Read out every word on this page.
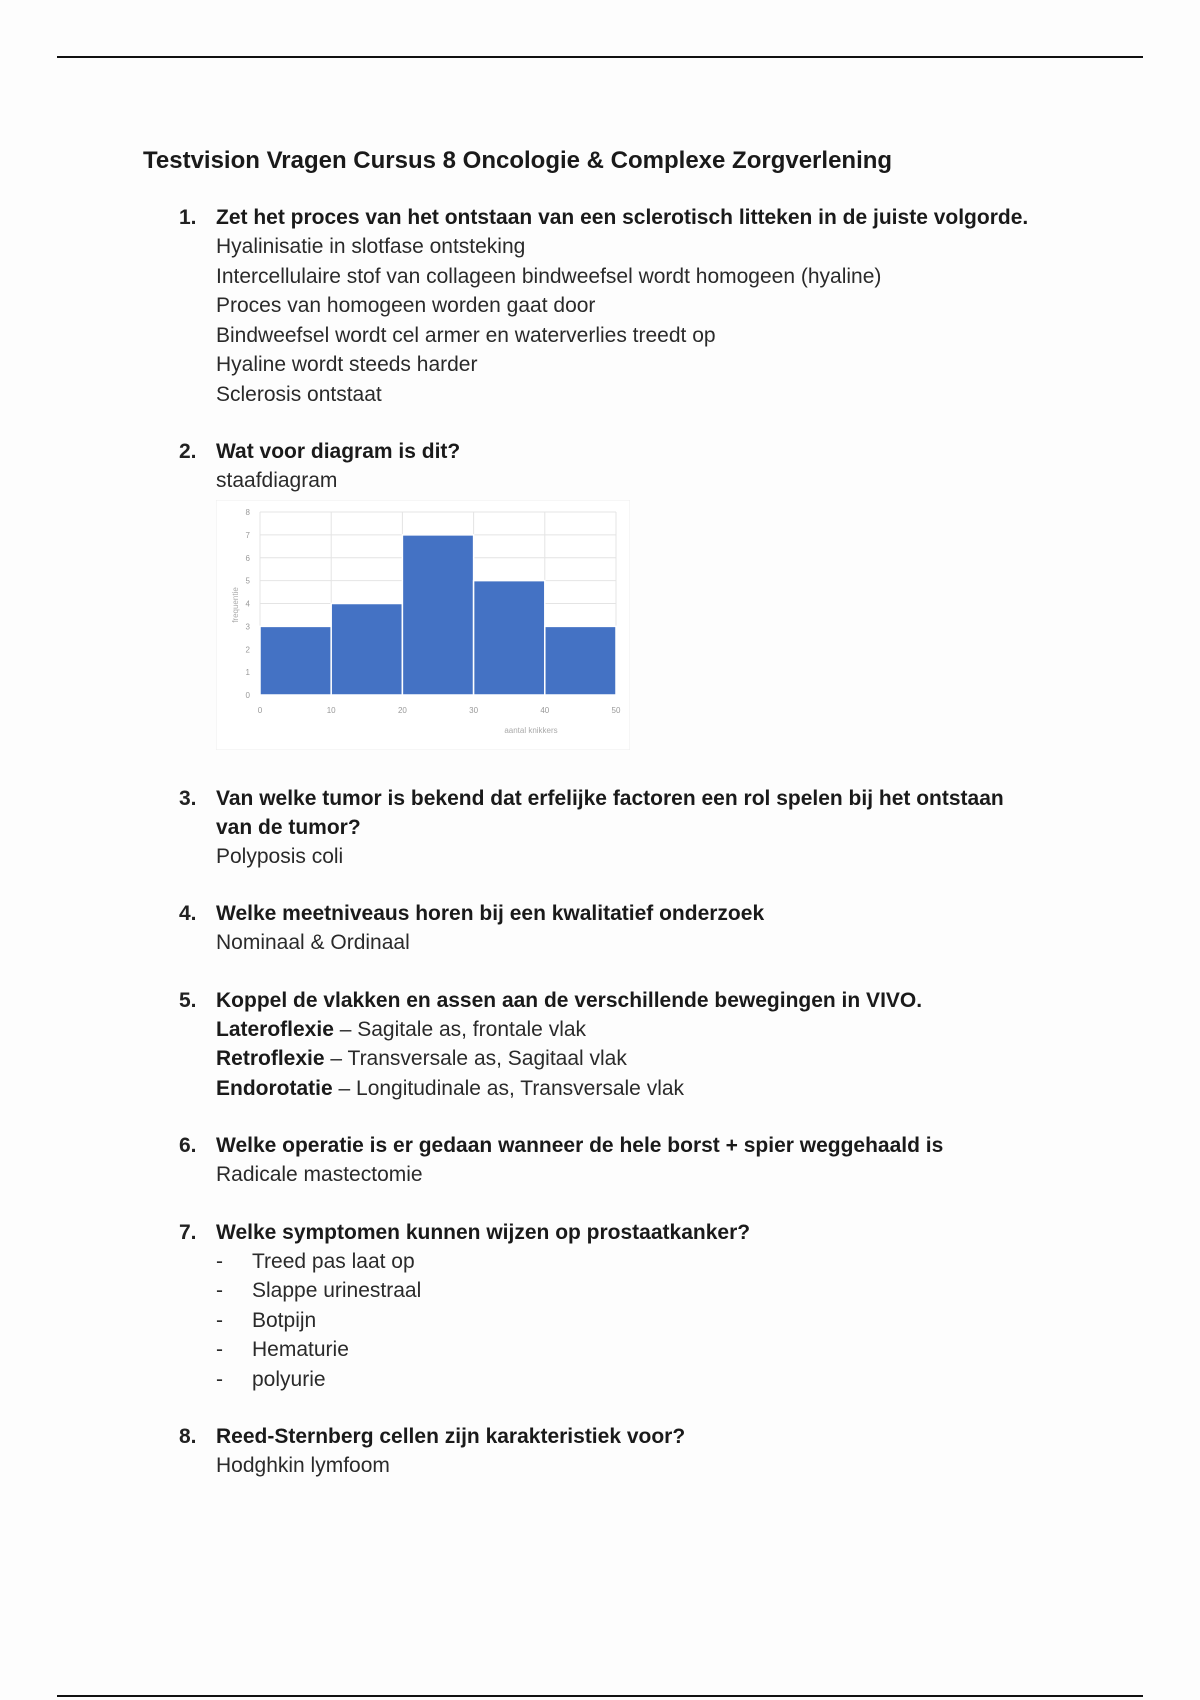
Testvision Vragen Cursus 8 Oncologie & Complexe Zorgverlening
1. Zet het proces van het ontstaan van een sclerotisch litteken in de juiste volgorde.
Hyalinisatie in slotfase ontsteking
Intercellulaire stof van collageen bindweefsel wordt homogeen (hyaline)
Proces van homogeen worden gaat door
Bindweefsel wordt cel armer en waterverlies treedt op
Hyaline wordt steeds harder
Sclerosis ontstaat
2. Wat voor diagram is dit?
staafdiagram
0
1
2
3
4
5
6
7
8
0	10	20	30	40	50
frequentie
aantal knikkers
3. Van welke tumor is bekend dat erfelijke factoren een rol spelen bij het ontstaan van de tumor?
Polyposis coli
4. Welke meetniveaus horen bij een kwalitatief onderzoek
Nominaal & Ordinaal
5. Koppel de vlakken en assen aan de verschillende bewegingen in VIVO.
Lateroflexie – Sagitale as, frontale vlak
Retroflexie – Transversale as, Sagitaal vlak
Endorotatie – Longitudinale as, Transversale vlak
6. Welke operatie is er gedaan wanneer de hele borst + spier weggehaald is
Radicale mastectomie
7. Welke symptomen kunnen wijzen op prostaatkanker?
- Treed pas laat op
- Slappe urinestraal
- Botpijn
- Hematurie
- polyurie
8. Reed-Sternberg cellen zijn karakteristiek voor?
Hodghkin lymfoom
